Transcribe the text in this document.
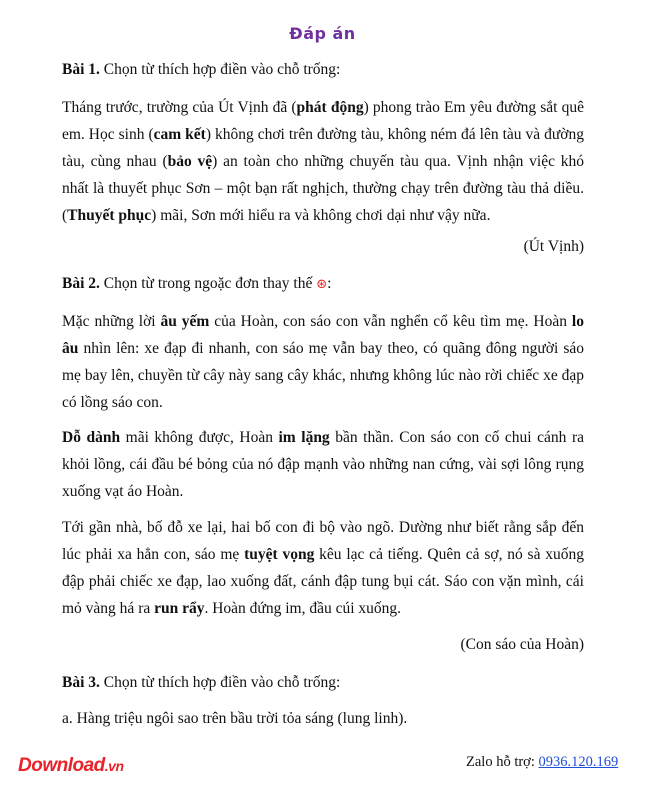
Đáp án
Bài 1. Chọn từ thích hợp điền vào chỗ trống:
Tháng trước, trường của Út Vịnh đã (phát động) phong trào Em yêu đường sắt quê em. Học sinh (cam kết) không chơi trên đường tàu, không ném đá lên tàu và đường tàu, cùng nhau (bảo vệ) an toàn cho những chuyến tàu qua. Vịnh nhận việc khó nhất là thuyết phục Sơn – một bạn rất nghịch, thường chạy trên đường tàu thả diều. (Thuyết phục) mãi, Sơn mới hiểu ra và không chơi dại như vậy nữa.
(Út Vịnh)
Bài 2. Chọn từ trong ngoặc đơn thay thế ⊛:
Mặc những lời âu yếm của Hoàn, con sáo con vẫn nghển cổ kêu tìm mẹ. Hoàn lo âu nhìn lên: xe đạp đi nhanh, con sáo mẹ vẫn bay theo, có quãng đông người sáo mẹ bay lên, chuyền từ cây này sang cây khác, nhưng không lúc nào rời chiếc xe đạp có lồng sáo con.
Dỗ dành mãi không được, Hoàn im lặng bần thần. Con sáo con cố chui cánh ra khỏi lồng, cái đầu bé bỏng của nó đập mạnh vào những nan cứng, vài sợi lông rụng xuống vạt áo Hoàn.
Tới gần nhà, bố đỗ xe lại, hai bố con đi bộ vào ngõ. Dường như biết rằng sắp đến lúc phải xa hẳn con, sáo mẹ tuyệt vọng kêu lạc cả tiếng. Quên cả sợ, nó sà xuống đập phải chiếc xe đạp, lao xuống đất, cánh đập tung bụi cát. Sáo con vặn mình, cái mỏ vàng há ra run rẩy. Hoàn đứng im, đầu cúi xuống.
(Con sáo của Hoàn)
Bài 3. Chọn từ thích hợp điền vào chỗ trống:
a. Hàng triệu ngôi sao trên bầu trời tỏa sáng (lung linh).
Download.vn	Zalo hỗ trợ: 0936.120.169
